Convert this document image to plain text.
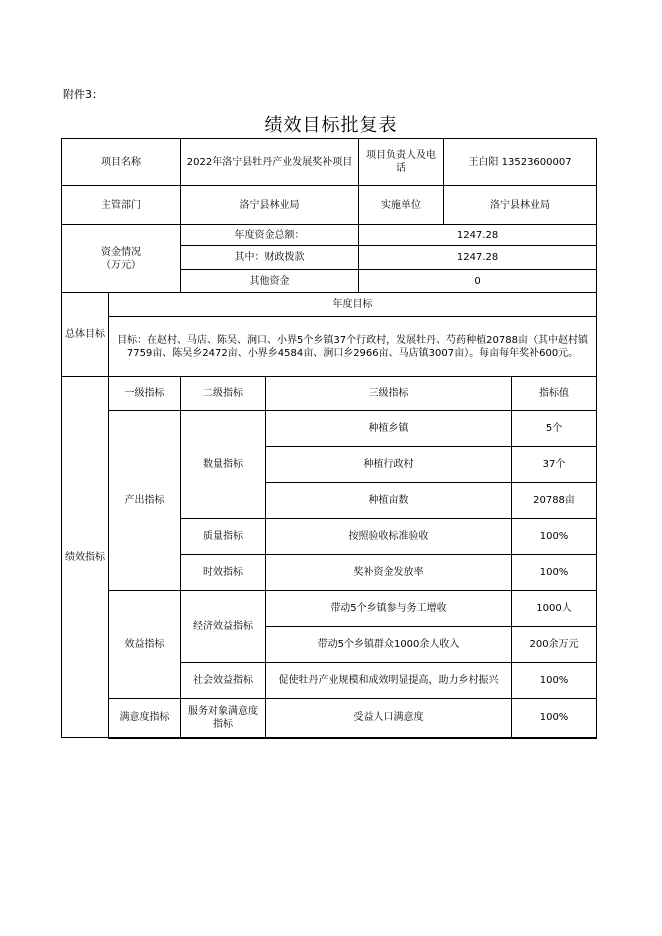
附件3：
绩效目标批复表
项目名称		2022年洛宁县牡丹产业发展奖补项目		项目负责人及电话	王白阳 13523600007	
主管部门		洛宁县林业局		实施单位	洛宁县林业局	
资金情况
（万元）		年度资金总额：		1247.28		
		其中：财政拨款		1247.28		
		其他资金		0		
总体目标	年度目标					
	目标：在赵村、马店、陈吴、涧口、小界5个乡镇37个行政村，发展牡丹、芍药种植20788亩（其中赵村镇7759亩、陈吴乡2472亩、小界乡4584亩、涧口乡2966亩、马店镇3007亩）。每亩每年奖补600元。					
绩效指标	一级指标	二级指标	三级指标			指标值
	产出指标	数量指标	种植乡镇			5个
			种植行政村			37个
			种植亩数			20788亩
		质量指标	按照验收标准验收			100%
		时效指标	奖补资金发放率			100%
	效益指标	经济效益指标	带动5个乡镇参与务工增收			1000人
			带动5个乡镇群众1000余人收入			200余万元
		社会效益指标	促使牡丹产业规模和成效明显提高，助力乡村振兴			100%
	满意度指标	服务对象满意度指标	受益人口满意度			100%
